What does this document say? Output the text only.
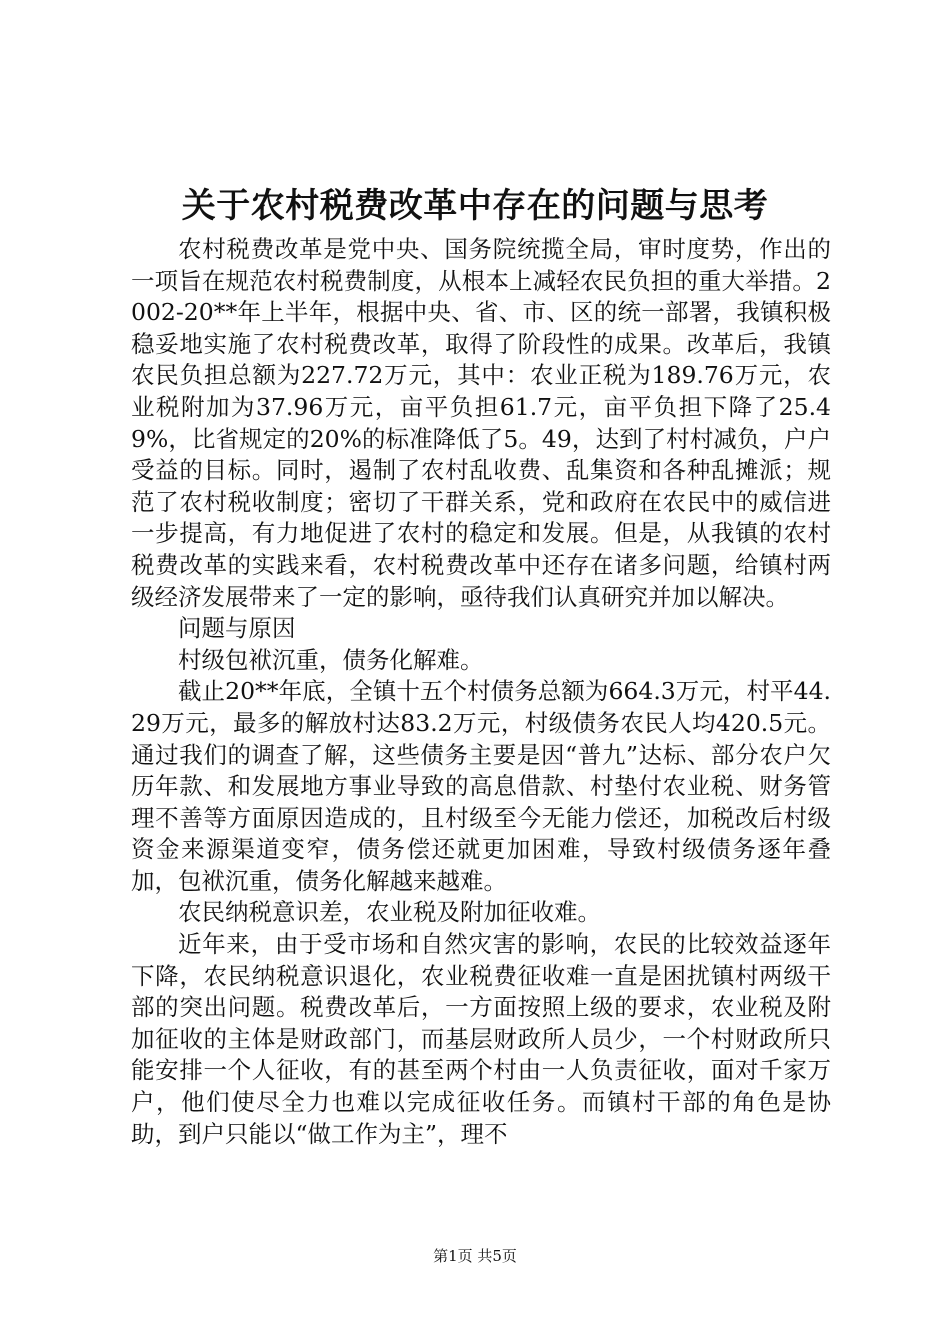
关于农村税费改革中存在的问题与思考

农村税费改革是党中央、国务院统揽全局，审时度势，作出的一项旨在规范农村税费制度，从根本上减轻农民负担的重大举措。2002-20**年上半年，根据中央、省、市、区的统一部署，我镇积极稳妥地实施了农村税费改革，取得了阶段性的成果。改革后，我镇农民负担总额为227.72万元，其中：农业正税为189.76万元，农业税附加为37.96万元，亩平负担61.7元，亩平负担下降了25.49%，比省规定的20%的标准降低了5。49，达到了村村减负，户户受益的目标。同时，遏制了农村乱收费、乱集资和各种乱摊派；规范了农村税收制度；密切了干群关系，党和政府在农民中的威信进一步提高，有力地促进了农村的稳定和发展。但是，从我镇的农村税费改革的实践来看，农村税费改革中还存在诸多问题，给镇村两级经济发展带来了一定的影响，亟待我们认真研究并加以解决。

问题与原因

村级包袱沉重，债务化解难。

截止20**年底，全镇十五个村债务总额为664.3万元，村平44.29万元，最多的解放村达83.2万元，村级债务农民人均420.5元。通过我们的调查了解，这些债务主要是因“普九”达标、部分农户欠历年款、和发展地方事业导致的高息借款、村垫付农业税、财务管理不善等方面原因造成的，且村级至今无能力偿还，加税改后村级资金来源渠道变窄，债务偿还就更加困难，导致村级债务逐年叠加，包袱沉重，债务化解越来越难。

农民纳税意识差，农业税及附加征收难。

近年来，由于受市场和自然灾害的影响，农民的比较效益逐年下降，农民纳税意识退化，农业税费征收难一直是困扰镇村两级干部的突出问题。税费改革后，一方面按照上级的要求，农业税及附加征收的主体是财政部门，而基层财政所人员少，一个村财政所只能安排一个人征收，有的甚至两个村由一人负责征收，面对千家万户，他们使尽全力也难以完成征收任务。而镇村干部的角色是协助，到户只能以“做工作为主”，理不

第1页 共5页
